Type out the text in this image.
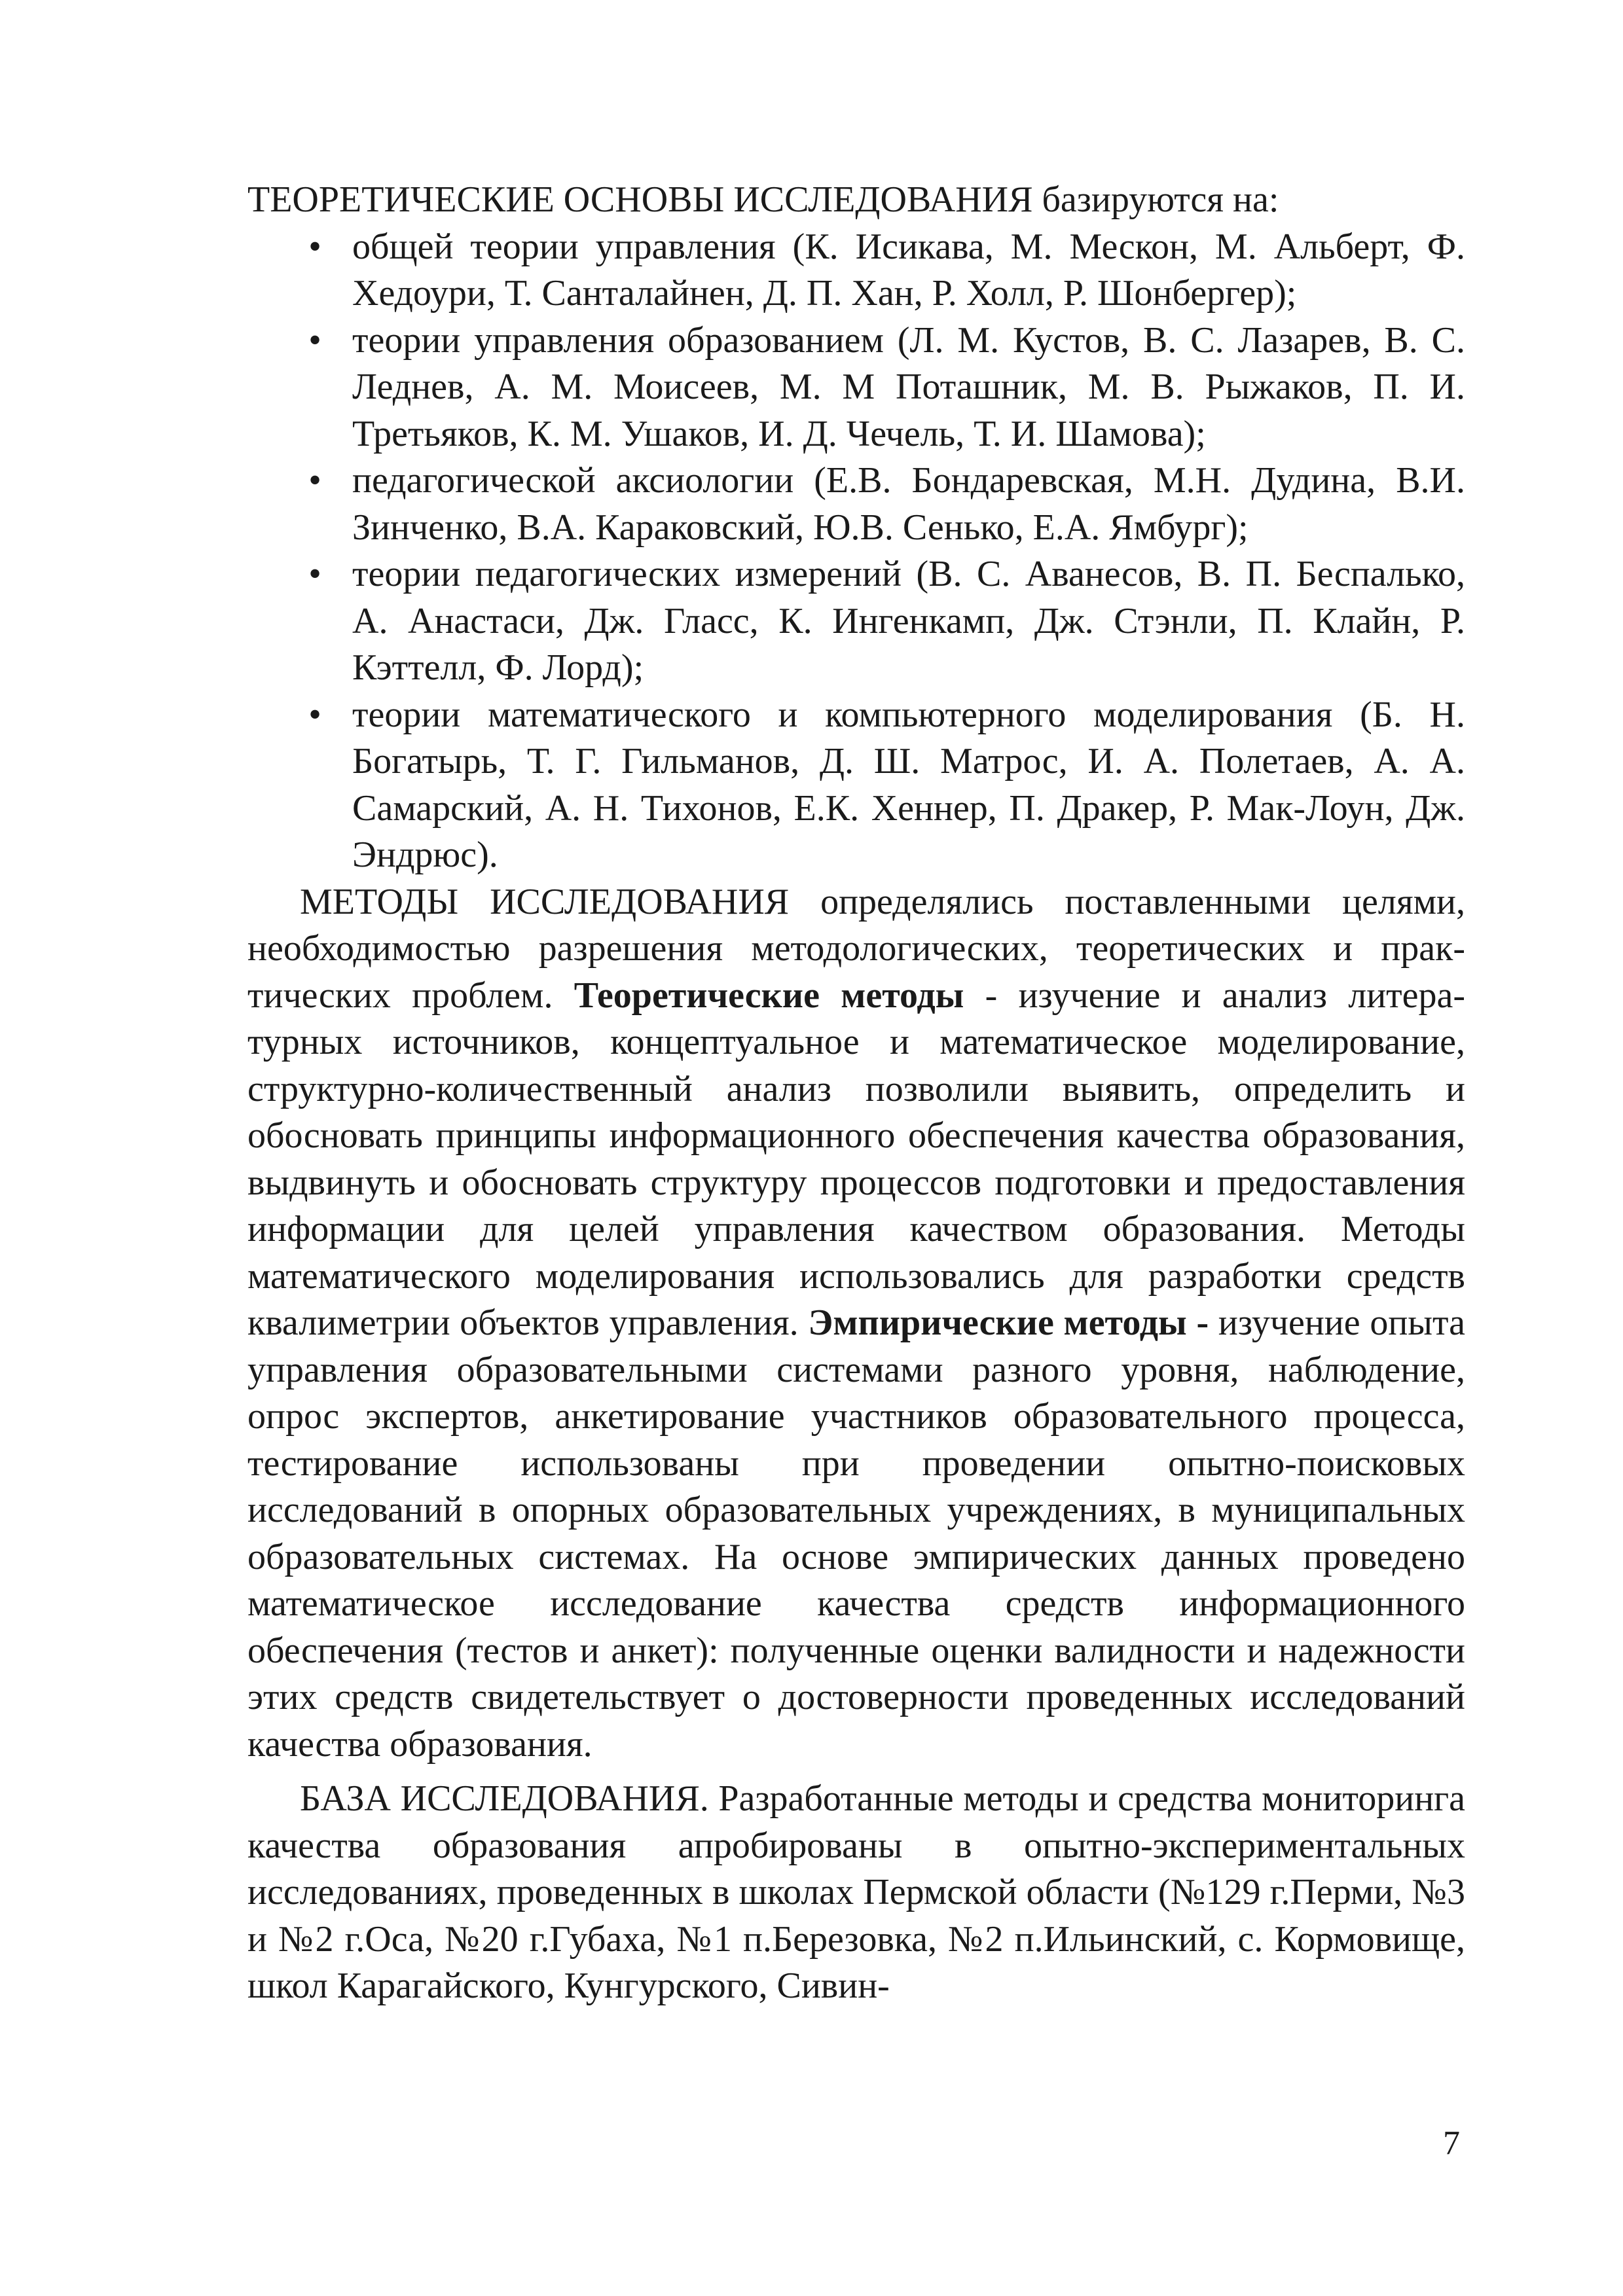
ТЕОРЕТИЧЕСКИЕ ОСНОВЫ ИССЛЕДОВАНИЯ базируются на:

• общей теории управления (К. Исикава, М. Мескон, М. Альберт, Ф. Хедоури, Т. Санталайнен, Д. П. Хан, Р. Холл, Р. Шонбергер);
• теории управления образованием (Л. М. Кустов, В. С. Лазарев, В. С. Леднев, А. М. Моисеев, М. М Поташник, М. В. Рыжаков, П. И. Третьяков, К. М. Ушаков, И. Д. Чечель, Т. И. Шамова);
• педагогической аксиологии (Е.В. Бондаревская, М.Н. Дудина, В.И. Зинченко, В.А. Караковский, Ю.В. Сенько, Е.А. Ямбург);
• теории педагогических измерений (В. С. Аванесов, В. П. Беспалько, А. Анастаси, Дж. Гласс, К. Ингенкамп, Дж. Стэнли, П. Клайн, Р. Кэттелл, Ф. Лорд);
• теории математического и компьютерного моделирования (Б. Н. Богатырь, Т. Г. Гильманов, Д. Ш. Матрос, И. А. Полетаев, А. А. Самарский, А. Н. Тихонов, Е.К. Хеннер, П. Дракер, Р. Мак-Лоун, Дж. Эндрюс).

МЕТОДЫ ИССЛЕДОВАНИЯ определялись поставленными целями, необходимостью разрешения методологических, теоретических и практических проблем. Теоретические методы - изучение и анализ литературных источников, концептуальное и математическое моделирование, структурно-количественный анализ позволили выявить, определить и обосновать принципы информационного обеспечения качества образования, выдвинуть и обосновать структуру процессов подготовки и предоставления информации для целей управления качеством образования. Методы математического моделирования использовались для разработки средств квалиметрии объектов управления. Эмпирические методы - изучение опыта управления образовательными системами разного уровня, наблюдение, опрос экспертов, анкетирование участников образовательного процесса, тестирование использованы при проведении опытно-поисковых исследований в опорных образовательных учреждениях, в муниципальных образовательных системах. На основе эмпирических данных проведено математическое исследование качества средств информационного обеспечения (тестов и анкет): полученные оценки валидности и надежности этих средств свидетельствует о достоверности проведенных исследований качества образования.

БАЗА ИССЛЕДОВАНИЯ. Разработанные методы и средства мониторинга качества образования апробированы в опытно-экспериментальных исследованиях, проведенных в школах Пермской области (№129 г.Перми, №3 и №2 г.Оса, №20 г.Губаха, №1 п.Березовка, №2 п.Ильинский, с. Кормовище, школ Карагайского, Кунгурского, Сивин-

7
